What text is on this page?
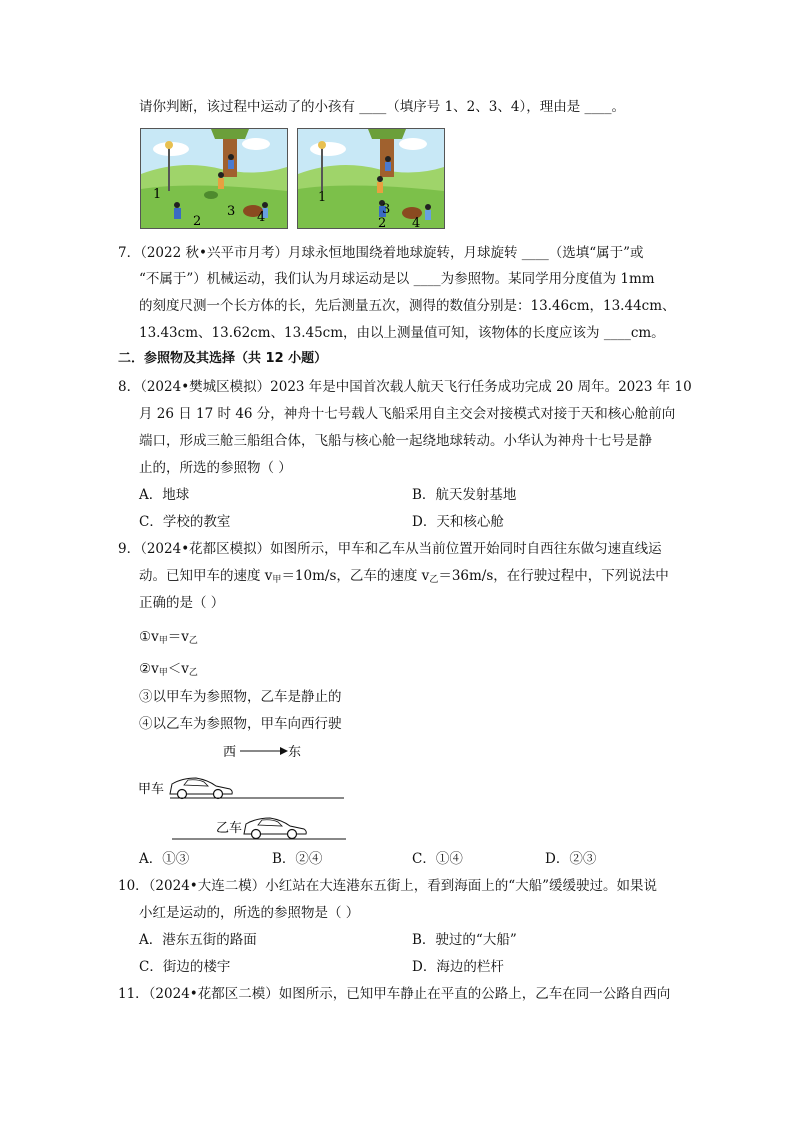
请你判断，该过程中运动了的小孩有 ____（填序号 1、2、3、4），理由是 ____。
1
2
3 4
1
3
2 4
7．（2022 秋•兴平市月考）月球永恒地围绕着地球旋转，月球旋转 ____（选填“属于”或
“不属于”）机械运动，我们认为月球运动是以 ____为参照物。某同学用分度值为 1mm
的刻度尺测一个长方体的长，先后测量五次，测得的数值分别是：13.46cm，13.44cm、
13.43cm、13.62cm、13.45cm，由以上测量值可知，该物体的长度应该为 ____cm。
二．参照物及其选择（共 12 小题）
8．（2024•樊城区模拟）2023 年是中国首次载人航天飞行任务成功完成 20 周年。2023 年 10
月 26 日 17 时 46 分，神舟十七号载人飞船采用自主交会对接模式对接于天和核心舱前向
端口，形成三舱三船组合体，飞船与核心舱一起绕地球转动。小华认为神舟十七号是静
止的，所选的参照物（ ）
A．地球	B．航天发射基地
C．学校的教室	D．天和核心舱
9．（2024•花都区模拟）如图所示，甲车和乙车从当前位置开始同时自西往东做匀速直线运
动。已知甲车的速度 $v_甲=10m/s$，乙车的速度 $v_乙=36m/s$，在行驶过程中，下列说法中
正确的是（ ）
$①v_甲=v_乙$
$②v_甲<v_乙$
③以甲车为参照物，乙车是静止的
④以乙车为参照物，甲车向西行驶
西	东
甲车
乙车
A．①③	B．②④	C．①④	D．②③
10．（2024•大连二模）小红站在大连港东五街上，看到海面上的“大船”缓缓驶过。如果说
小红是运动的，所选的参照物是（ ）
A．港东五街的路面	B．驶过的“大船”
C．街边的楼宇	D．海边的栏杆
11．（2024•花都区二模）如图所示，已知甲车静止在平直的公路上，乙车在同一公路自西向
